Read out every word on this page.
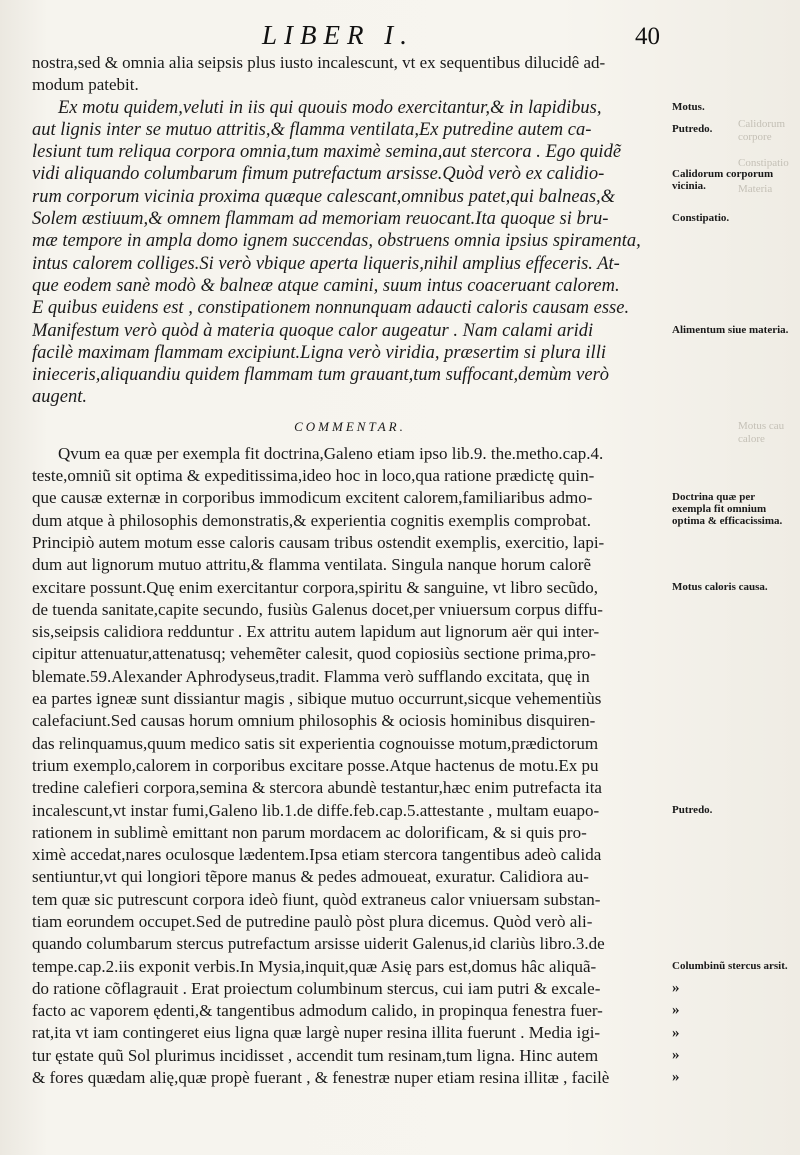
LIBER I.	40
nostra,sed & omnia alia seipsis plus iusto incalescunt, vt ex sequentibus dilucidê ad-
modum patebit.
Ex motu quidem,veluti in iis qui quouis modo exercitantur,& in lapidibus,
aut lignis inter se mutuo attritis,& flamma ventilata,Ex putredine autem ca-
lesiunt tum reliqua corpora omnia,tum maximè semina,aut stercora . Ego quidẽ
vidi aliquando columbarum fimum putrefactum arsisse.Quòd verò ex calidio-
rum corporum vicinia proxima quæque calescant,omnibus patet,qui balneas,&
Solem æstiuum,& omnem flammam ad memoriam reuocant.Ita quoque si bru-
mæ tempore in ampla domo ignem succendas, obstruens omnia ipsius spiramenta,
intus calorem colliges.Si verò vbique aperta liqueris,nihil amplius effeceris. At-
que eodem sanè modò & balneæ atque camini, suum intus coaceruant calorem.
E quibus euidens est , constipationem nonnunquam adaucti caloris causam esse.
Manifestum verò quòd à materia quoque calor augeatur . Nam calami aridi
facilè maximam flammam excipiunt.Ligna verò viridia, præsertim si plura illi
inieceris,aliquandiu quidem flammam tum grauant,tum suffocant,demùm verò
augent.
COMMENTAR.
Qvum ea quæ per exempla fit doctrina,Galeno etiam ipso lib.9. the.metho.cap.4.
teste,omniũ sit optima & expeditissima,ideo hoc in loco,qua ratione prædictę quin-
que causæ externæ in corporibus immodicum excitent calorem,familiaribus admo-
dum atque à philosophis demonstratis,& experientia cognitis exemplis comprobat.
Principiò autem motum esse caloris causam tribus ostendit exemplis, exercitio, lapi-
dum aut lignorum mutuo attritu,& flamma ventilata. Singula nanque horum calorẽ
excitare possunt.Quę enim exercitantur corpora,spiritu & sanguine, vt libro secũdo,
de tuenda sanitate,capite secundo, fusiùs Galenus docet,per vniuersum corpus diffu-
sis,seipsis calidiora redduntur . Ex attritu autem lapidum aut lignorum aër qui inter-
cipitur attenuatur,attenatusq; vehemẽter calesit, quod copiosiùs sectione prima,pro-
blemate.59.Alexander Aphrodyseus,tradit. Flamma verò sufflando excitata, quę in
ea partes igneæ sunt dissiantur magis , sibique mutuo occurrunt,sicque vehementiùs
calefaciunt.Sed causas horum omnium philosophis & ociosis hominibus disquiren-
das relinquamus,quum medico satis sit experientia cognouisse motum,prædictorum
trium exemplo,calorem in corporibus excitare posse.Atque hactenus de motu.Ex pu
tredine calefieri corpora,semina & stercora abundè testantur,hæc enim putrefacta ita
incalescunt,vt instar fumi,Galeno lib.1.de diffe.feb.cap.5.attestante , multam euapo-
rationem in sublimè emittant non parum mordacem ac dolorificam, & si quis pro-
ximè accedat,nares oculosque lædentem.Ipsa etiam stercora tangentibus adeò calida
sentiuntur,vt qui longiori tẽpore manus & pedes admoueat, exuratur. Calidiora au-
tem quæ sic putrescunt corpora ideò fiunt, quòd extraneus calor vniuersam substan-
tiam eorundem occupet.Sed de putredine paulò pòst plura dicemus. Quòd verò ali-
quando columbarum stercus putrefactum arsisse uiderit Galenus,id clariùs libro.3.de
tempe.cap.2.iis exponit verbis.In Mysia,inquit,quæ Asię pars est,domus hâc aliquã-
do ratione cõflagrauit . Erat proiectum columbinum stercus, cui iam putri & excale-
facto ac vaporem ędenti,& tangentibus admodum calido, in propinqua fenestra fuer-
rat,ita vt iam contingeret eius ligna quæ largè nuper resina illita fuerunt . Media igi-
tur ęstate quũ Sol plurimus incidisset , accendit tum resinam,tum ligna. Hinc autem
& fores quædam alię,quæ propè fuerant , & fenestræ nuper etiam resina illitæ , facilè
Motus.
Putredo.
Calidorum corporum vicinia.
Constipatio.
Alimentum siue materia.
Doctrina quæ per exempla fit omnium optima & efficacissima.
Motus caloris causa.
Putredo.
Columbinũ stercus arsit.
»
»
»
»
»
Calidorum
corpore

Constipatio

Materia
Motus cau
calore
